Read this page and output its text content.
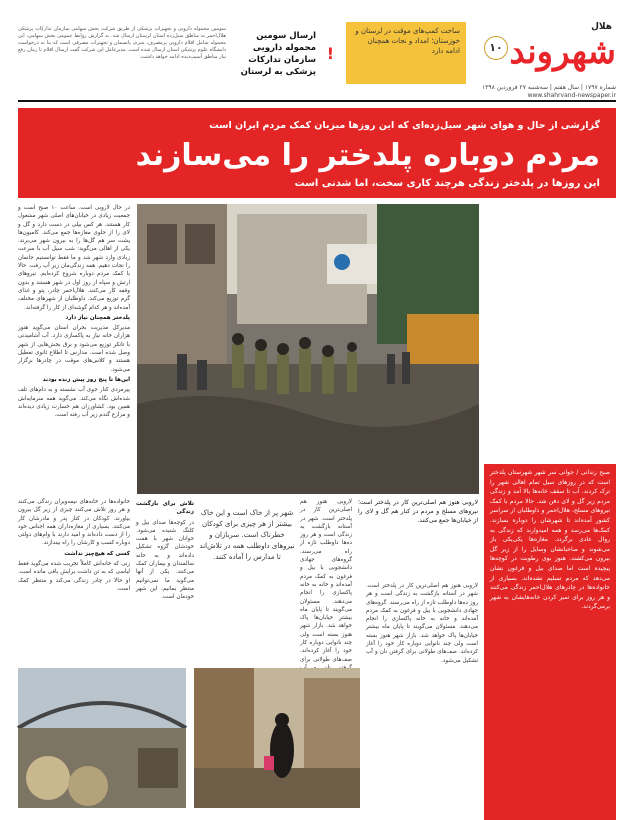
هلال
شهروند
۱۰
شماره ۱۷۹۷ | سال هفتم | سه‌شنبه ۲۷ فروردین ۱۳۹۸
www.shahrvand-newspaper.ir
ساخت کمپ‌های موقت در لرستان و خوزستان؛ امداد و نجات همچنان ادامه دارد
!
ارسال سومین محموله دارویی سازمان تدارکات پزشکی به لرستان
سومین محموله دارویی و تجهیزات پزشکی از طریق شرکت بخش سهامی سازمان تدارکات پزشکی هلال‌احمر به مناطق سیل‌زده استان لرستان ارسال شد. به گزارش روابط عمومی بخش سهامی، این محموله شامل اقلام دارویی پرمصرف، سرم، پانسمان و تجهیزات مصرفی است که بنا به درخواست دانشگاه علوم پزشکی استان ارسال شده است. مدیرعامل این شرکت گفت ارسال اقلام تا زمان رفع نیاز مناطق آسیب‌دیده ادامه خواهد داشت.
گزارشی از حال و هوای شهر سیل‌زده‌ای که این روزها میزبان کمک مردم ایران است
مردم دوباره پلدختر را می‌سازند
این روزها در پلدختر زندگی هرچند کاری سخت، اما شدنی است
لاروبی هنوز هم اصلی‌ترین کار در پلدختر است؛ نیروهای مسلح و مردم در کنار هم گل و لای را از خیابان‌ها جمع می‌کنند.
صبح زندانی / جوانی سر شهر شهرستان پلدختر است که در روزهای سیل تمام اهالی شهر را ترک کردند. آب تا سقف خانه‌ها بالا آمد و زندگی مردم زیر گل و لای دفن شد. حالا مردم با کمک نیروهای مسلح، هلال‌احمر و داوطلبان از سراسر کشور آمده‌اند تا شهرشان را دوباره بسازند. کمک‌ها می‌رسد و همه امیدوارند که زندگی به روال عادی برگردد. مغازه‌ها یکی‌یکی باز می‌شوند و صاحبانشان وسایل را از زیر گل بیرون می‌کشند. هنوز بوی رطوبت در کوچه‌ها پیچیده است اما صدای بیل و فرغون نشان می‌دهد که مردم تسلیم نشده‌اند. بسیاری از خانواده‌ها در چادرهای هلال‌احمر زندگی می‌کنند و هر روز برای تمیز کردن خانه‌هایشان به شهر برمی‌گردند.
در حال لاروبی است. ساعت ۱۰ صبح است و جمعیت زیادی در خیابان‌های اصلی شهر مشغول کار هستند. هر کس بیلی در دست دارد و گل و لای را از جلوی مغازه‌ها جمع می‌کند. کامیون‌ها پشت سر هم گل‌ها را به بیرون شهر می‌برند. یکی از اهالی می‌گوید: شب سیل آب با سرعت زیادی وارد شهر شد و ما فقط توانستیم جانمان را نجات دهیم. همه زندگی‌مان زیر آب رفت. حالا با کمک مردم دوباره شروع کرده‌ایم. نیروهای ارتش و سپاه از روز اول در شهر هستند و بدون وقفه کار می‌کنند. هلال‌احمر چادر، پتو و غذای گرم توزیع می‌کند. داوطلبان از شهرهای مختلف آمده‌اند و هر کدام گوشه‌ای از کار را گرفته‌اند.
پلدختر همچنان نیاز دارد
مدیرکل مدیریت بحران استان می‌گوید هنوز هزاران خانه نیاز به پاکسازی دارد. آب آشامیدنی با تانکر توزیع می‌شود و برق بخش‌هایی از شهر وصل شده است. مدارس تا اطلاع ثانوی تعطیل هستند و کلاس‌های موقت در چادرها برگزار می‌شود.
این‌ها تا پنج روز پیش زنده بودند
پیرمردی کنار جوی آب نشسته و به دام‌های تلف شده‌اش نگاه می‌کند. می‌گوید همه سرمایه‌اش همین بود. کشاورزان هم خسارت زیادی دیده‌اند و مزارع گندم زیر آب رفته است.
خانواده‌ها در خانه‌های نیمه‌ویران زندگی می‌کنند و هر روز تلاش می‌کنند چیزی از زیر گل بیرون بیاورند. کودکان در کنار پدر و مادرشان کار می‌کنند. بسیاری از مغازه‌داران همه اجناس خود را از دست داده‌اند و امید دارند با وام‌های دولتی دوباره کسب و کارشان را راه بیندازند.
کسی که هیچ‌چیز نداشت
زنی که خانه‌اش کاملاً تخریب شده می‌گوید فقط لباسی که به تن داشت برایش باقی مانده است. او حالا در چادر زندگی می‌کند و منتظر کمک است.
لاروبی هنوز هم اصلی‌ترین کار در پلدختر است. شهر در آستانه بازگشت به زندگی است و هر روز ده‌ها داوطلب تازه از راه می‌رسند. گروه‌های جهادی دانشجویی با بیل و فرغون به کمک مردم آمده‌اند و خانه به خانه پاکسازی را انجام می‌دهند. مسئولان می‌گویند تا پایان ماه بیشتر خیابان‌ها پاک خواهد شد. بازار شهر هنوز بسته است ولی چند نانوایی دوباره کار خود را آغاز کرده‌اند. صف‌های طولانی برای
تلاش برای بازگشت زندگی
در کوچه‌ها صدای بیل و کلنگ شنیده می‌شود. جوانان شهر با همت خودشان گروه تشکیل داده‌اند و به خانه سالمندان و بیماران کمک می‌کنند. یکی از آنها می‌گوید ما نمی‌توانیم منتظر بمانیم، این شهر خودمان است.
شهر پر از خاک است و این خاک بیشتر از هر چیزی برای کودکان خطرناک است. سربازان و نیروهای داوطلب همه در تلاش‌اند تا مدارس را آماده کنند.
لاروبی هنوز هم اصلی‌ترین کار در پلدختر است. شهر در آستانه بازگشت به زندگی است و هر روز ده‌ها داوطلب تازه از راه می‌رسند. گروه‌های جهادی دانشجویی با بیل و فرغون به کمک مردم آمده‌اند و خانه به خانه پاکسازی را انجام می‌دهند. مسئولان می‌گویند تا پایان ماه بیشتر خیابان‌ها پاک خواهد شد. بازار شهر هنوز بسته است ولی چند نانوایی دوباره کار خود را آغاز کرده‌اند. صف‌های طولانی برای گرفتن نان و آب تشکیل می‌شود.
